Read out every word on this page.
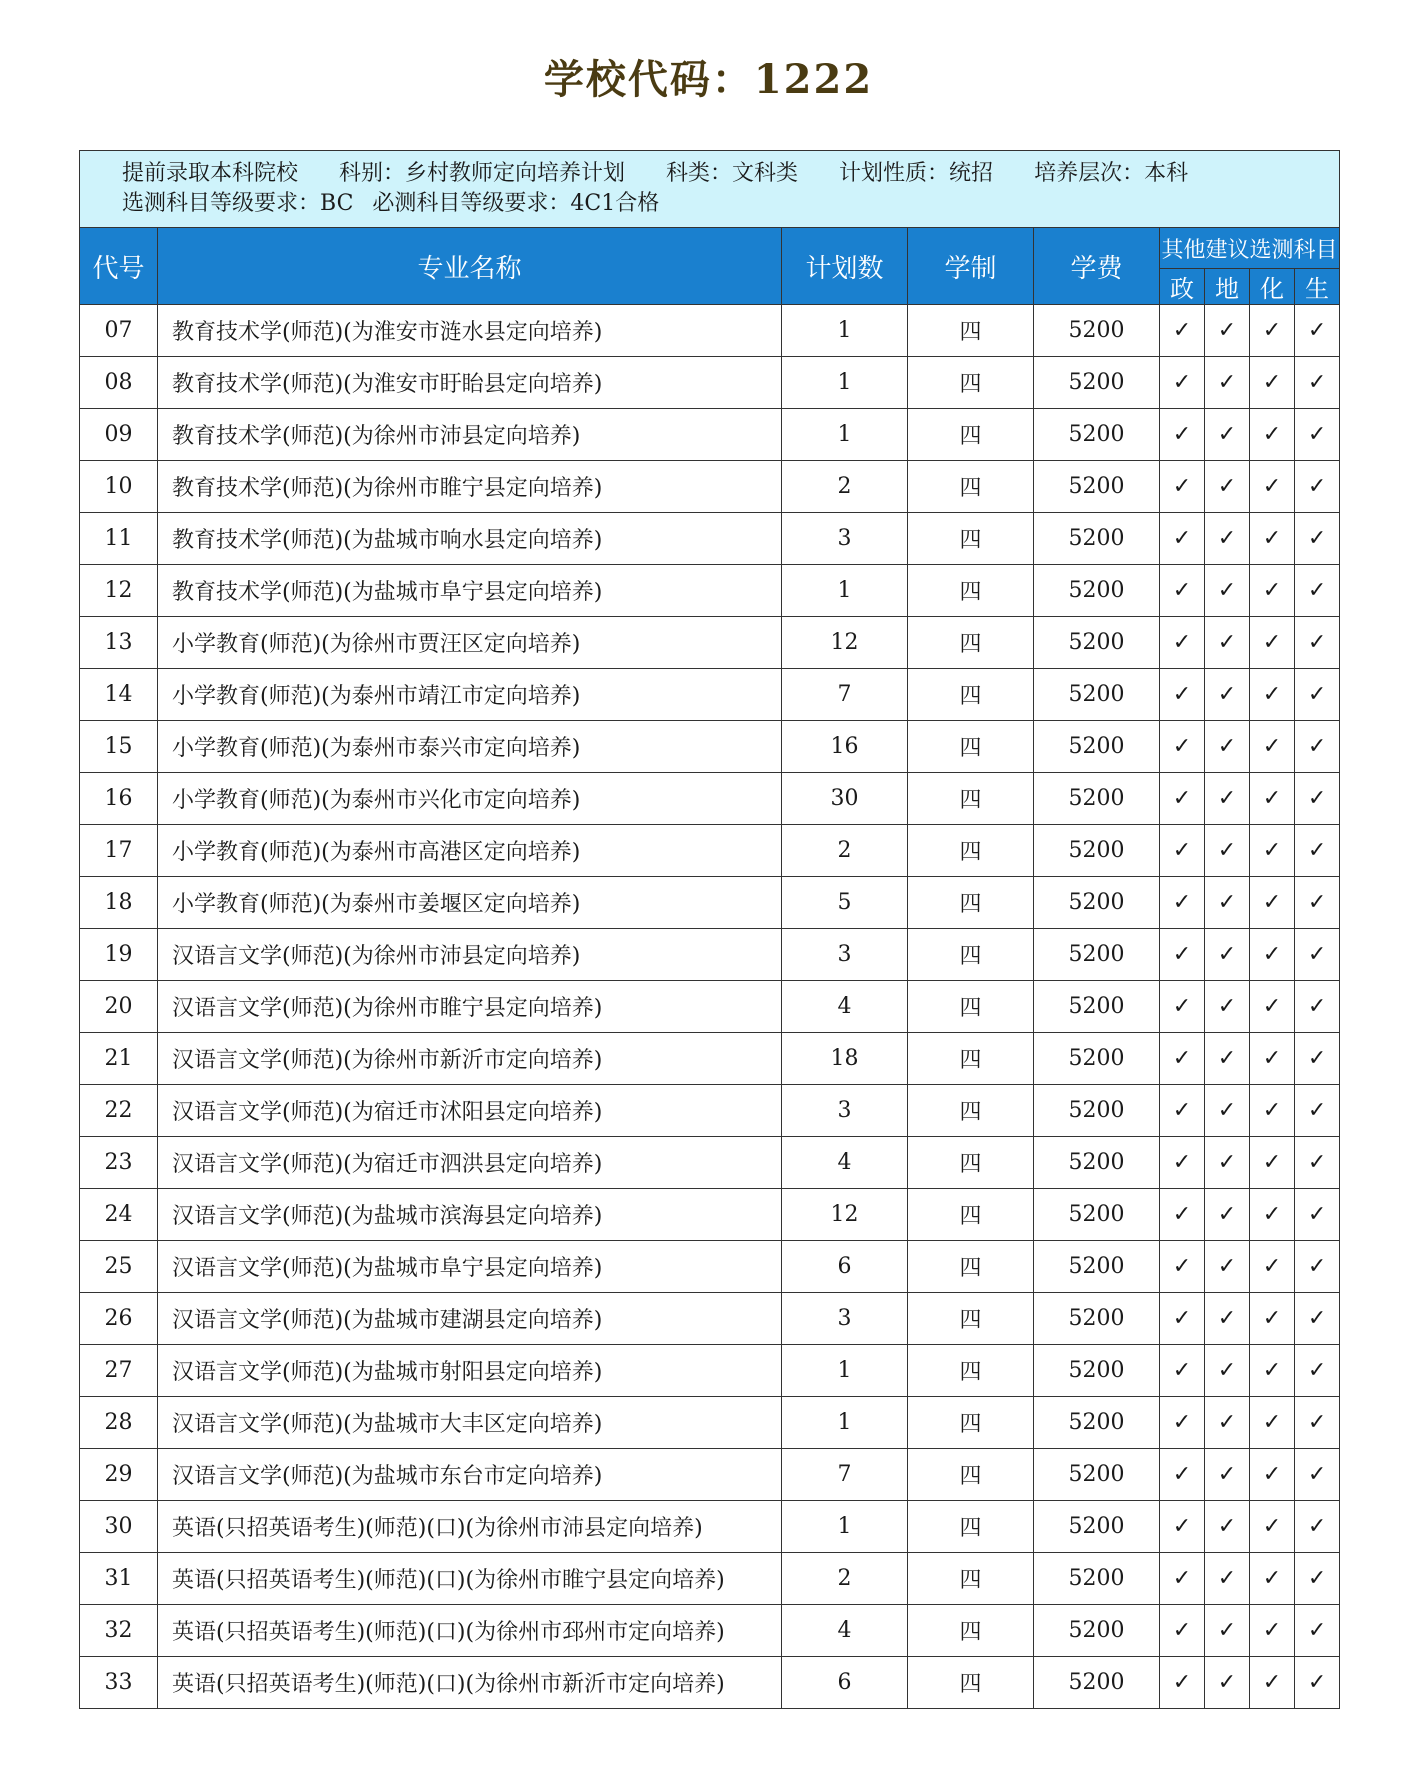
学校代码：1222
提前录取本科院校 科别：乡村教师定向培养计划 科类：文科类 计划性质：统招 培养层次：本科
选测科目等级要求：BC 必测科目等级要求：4C1合格								

代号	专业名称	计划数	学制	学费	其他建议选测科目			
					政	地	化	生
07	教育技术学(师范)(为淮安市涟水县定向培养)	1	四	5200	✓	✓	✓	✓
08	教育技术学(师范)(为淮安市盱眙县定向培养)	1	四	5200	✓	✓	✓	✓
09	教育技术学(师范)(为徐州市沛县定向培养)	1	四	5200	✓	✓	✓	✓
10	教育技术学(师范)(为徐州市睢宁县定向培养)	2	四	5200	✓	✓	✓	✓
11	教育技术学(师范)(为盐城市响水县定向培养)	3	四	5200	✓	✓	✓	✓
12	教育技术学(师范)(为盐城市阜宁县定向培养)	1	四	5200	✓	✓	✓	✓
13	小学教育(师范)(为徐州市贾汪区定向培养)	12	四	5200	✓	✓	✓	✓
14	小学教育(师范)(为泰州市靖江市定向培养)	7	四	5200	✓	✓	✓	✓
15	小学教育(师范)(为泰州市泰兴市定向培养)	16	四	5200	✓	✓	✓	✓
16	小学教育(师范)(为泰州市兴化市定向培养)	30	四	5200	✓	✓	✓	✓
17	小学教育(师范)(为泰州市高港区定向培养)	2	四	5200	✓	✓	✓	✓
18	小学教育(师范)(为泰州市姜堰区定向培养)	5	四	5200	✓	✓	✓	✓
19	汉语言文学(师范)(为徐州市沛县定向培养)	3	四	5200	✓	✓	✓	✓
20	汉语言文学(师范)(为徐州市睢宁县定向培养)	4	四	5200	✓	✓	✓	✓
21	汉语言文学(师范)(为徐州市新沂市定向培养)	18	四	5200	✓	✓	✓	✓
22	汉语言文学(师范)(为宿迁市沭阳县定向培养)	3	四	5200	✓	✓	✓	✓
23	汉语言文学(师范)(为宿迁市泗洪县定向培养)	4	四	5200	✓	✓	✓	✓
24	汉语言文学(师范)(为盐城市滨海县定向培养)	12	四	5200	✓	✓	✓	✓
25	汉语言文学(师范)(为盐城市阜宁县定向培养)	6	四	5200	✓	✓	✓	✓
26	汉语言文学(师范)(为盐城市建湖县定向培养)	3	四	5200	✓	✓	✓	✓
27	汉语言文学(师范)(为盐城市射阳县定向培养)	1	四	5200	✓	✓	✓	✓
28	汉语言文学(师范)(为盐城市大丰区定向培养)	1	四	5200	✓	✓	✓	✓
29	汉语言文学(师范)(为盐城市东台市定向培养)	7	四	5200	✓	✓	✓	✓
30	英语(只招英语考生)(师范)(口)(为徐州市沛县定向培养)	1	四	5200	✓	✓	✓	✓
31	英语(只招英语考生)(师范)(口)(为徐州市睢宁县定向培养)	2	四	5200	✓	✓	✓	✓
32	英语(只招英语考生)(师范)(口)(为徐州市邳州市定向培养)	4	四	5200	✓	✓	✓	✓
33	英语(只招英语考生)(师范)(口)(为徐州市新沂市定向培养)	6	四	5200	✓	✓	✓	✓
